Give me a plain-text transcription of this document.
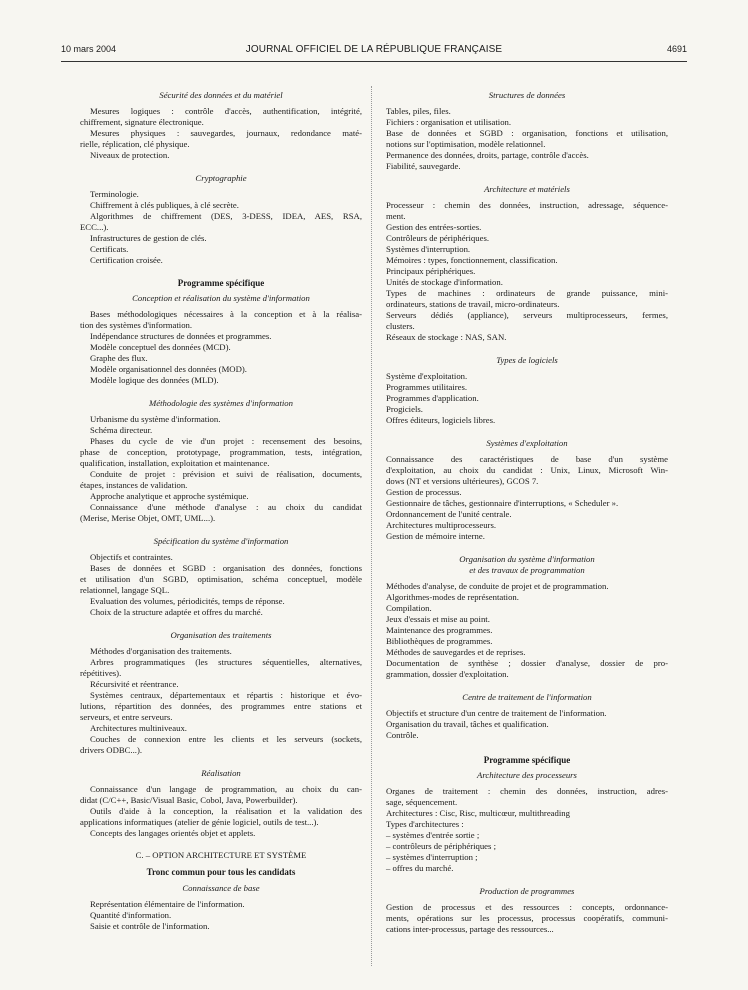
10 mars 2004	JOURNAL OFFICIEL DE LA RÉPUBLIQUE FRANÇAISE	4691
Sécurité des données et du matériel
Mesures logiques : contrôle d'accès, authentification, intégrité,
chiffrement, signature électronique.
Mesures physiques : sauvegardes, journaux, redondance maté-
rielle, réplication, clé physique.
Niveaux de protection.
Cryptographie
Terminologie.
Chiffrement à clés publiques, à clé secrète.
Algorithmes de chiffrement (DES, 3-DESS, IDEA, AES, RSA,
ECC...).
Infrastructures de gestion de clés.
Certificats.
Certification croisée.
Programme spécifique
Conception et réalisation du système d'information
Bases méthodologiques nécessaires à la conception et à la réalisa-
tion des systèmes d'information.
Indépendance structures de données et programmes.
Modèle conceptuel des données (MCD).
Graphe des flux.
Modèle organisationnel des données (MOD).
Modèle logique des données (MLD).
Méthodologie des systèmes d'information
Urbanisme du système d'information.
Schéma directeur.
Phases du cycle de vie d'un projet : recensement des besoins,
phase de conception, prototypage, programmation, tests, intégration,
qualification, installation, exploitation et maintenance.
Conduite de projet : prévision et suivi de réalisation, documents,
étapes, instances de validation.
Approche analytique et approche systémique.
Connaissance d'une méthode d'analyse : au choix du candidat
(Merise, Merise Objet, OMT, UML...).
Spécification du système d'information
Objectifs et contraintes.
Bases de données et SGBD : organisation des données, fonctions
et utilisation d'un SGBD, optimisation, schéma conceptuel, modèle
relationnel, langage SQL.
Evaluation des volumes, périodicités, temps de réponse.
Choix de la structure adaptée et offres du marché.
Organisation des traitements
Méthodes d'organisation des traitements.
Arbres programmatiques (les structures séquentielles, alternatives,
répétitives).
Récursivité et réentrance.
Systèmes centraux, départementaux et répartis : historique et évo-
lutions, répartition des données, des programmes entre stations et
serveurs, et entre serveurs.
Architectures multiniveaux.
Couches de connexion entre les clients et les serveurs (sockets,
drivers ODBC...).
Réalisation
Connaissance d'un langage de programmation, au choix du can-
didat (C/C++, Basic/Visual Basic, Cobol, Java, Powerbuilder).
Outils d'aide à la conception, la réalisation et la validation des
applications informatiques (atelier de génie logiciel, outils de test...).
Concepts des langages orientés objet et applets.
C. – OPTION ARCHITECTURE ET SYSTÈME
Tronc commun pour tous les candidats
Connaissance de base
Représentation élémentaire de l'information.
Quantité d'information.
Saisie et contrôle de l'information.
Structures de données
Tables, piles, files.
Fichiers : organisation et utilisation.
Base de données et SGBD : organisation, fonctions et utilisation,
notions sur l'optimisation, modèle relationnel.
Permanence des données, droits, partage, contrôle d'accès.
Fiabilité, sauvegarde.
Architecture et matériels
Processeur : chemin des données, instruction, adressage, séquence-
ment.
Gestion des entrées-sorties.
Contrôleurs de périphériques.
Systèmes d'interruption.
Mémoires : types, fonctionnement, classification.
Principaux périphériques.
Unités de stockage d'information.
Types de machines : ordinateurs de grande puissance, mini-
ordinateurs, stations de travail, micro-ordinateurs.
Serveurs dédiés (appliance), serveurs multiprocesseurs, fermes,
clusters.
Réseaux de stockage : NAS, SAN.
Types de logiciels
Système d'exploitation.
Programmes utilitaires.
Programmes d'application.
Progiciels.
Offres éditeurs, logiciels libres.
Systèmes d'exploitation
Connaissance des caractéristiques de base d'un système
d'exploitation, au choix du candidat : Unix, Linux, Microsoft Win-
dows (NT et versions ultérieures), GCOS 7.
Gestion de processus.
Gestionnaire de tâches, gestionnaire d'interruptions, « Scheduler ».
Ordonnancement de l'unité centrale.
Architectures multiprocesseurs.
Gestion de mémoire interne.
Organisation du système d'information
et des travaux de programmation
Méthodes d'analyse, de conduite de projet et de programmation.
Algorithmes-modes de représentation.
Compilation.
Jeux d'essais et mise au point.
Maintenance des programmes.
Bibliothèques de programmes.
Méthodes de sauvegardes et de reprises.
Documentation de synthèse ; dossier d'analyse, dossier de pro-
grammation, dossier d'exploitation.
Centre de traitement de l'information
Objectifs et structure d'un centre de traitement de l'information.
Organisation du travail, tâches et qualification.
Contrôle.
Programme spécifique
Architecture des processeurs
Organes de traitement : chemin des données, instruction, adres-
sage, séquencement.
Architectures : Cisc, Risc, multicœur, multithreading
Types d'architectures :
– systèmes d'entrée sortie ;
– contrôleurs de périphériques ;
– systèmes d'interruption ;
– offres du marché.
Production de programmes
Gestion de processus et des ressources : concepts, ordonnance-
ments, opérations sur les processus, processus coopératifs, communi-
cations inter-processus, partage des ressources...
